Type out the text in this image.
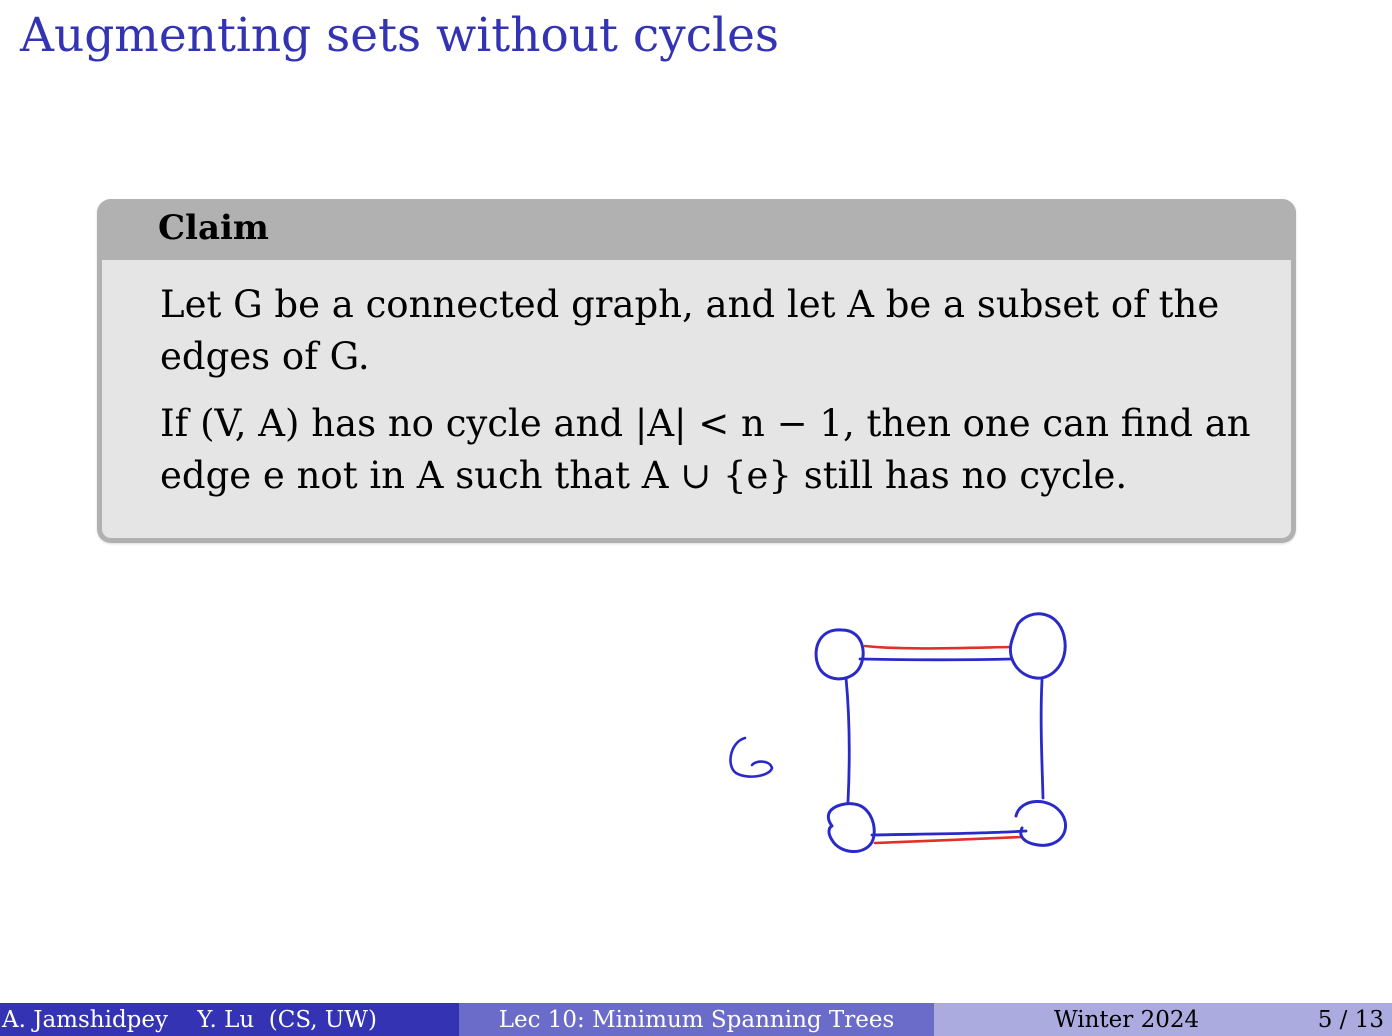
Augmenting sets without cycles
Claim

Let G be a connected graph, and let A be a subset of the edges of G.

If (V, A) has no cycle and |A| < n − 1, then one can find an edge e not in A such that A ∪ {e} still has no cycle.

A. Jamshidpey    Y. Lu  (CS, UW)	Lec 10: Minimum Spanning Trees	Winter 2024	5 / 13
